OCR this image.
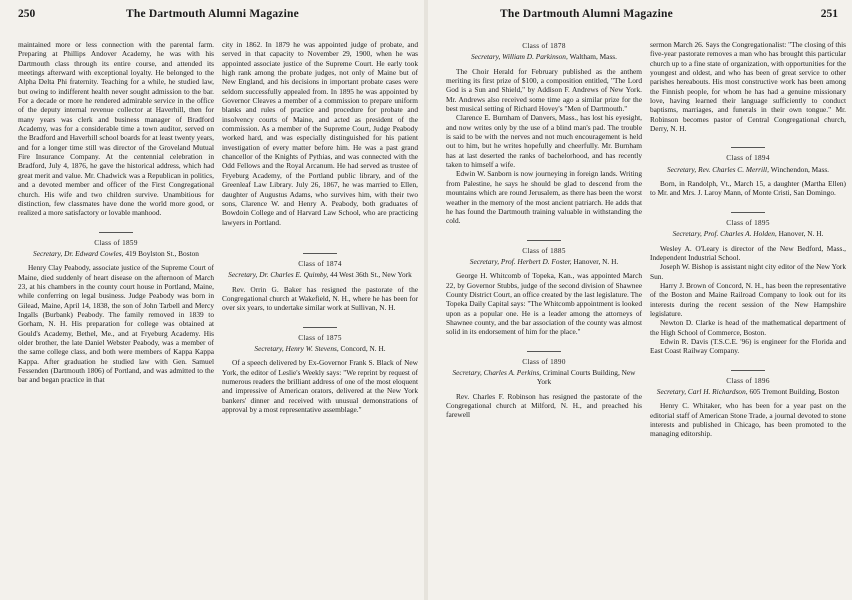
250	The Dartmouth Alumni Magazine

maintained more or less connection with the parental farm. Preparing at Phillips Andover Academy, he was with his Dartmouth class through its entire course, and attended its meetings afterward with exceptional loyalty. He belonged to the Alpha Delta Phi fraternity. Teaching for a while, he studied law, but owing to indifferent health never sought admission to the bar. For a decade or more he rendered admirable service in the office of the deputy internal revenue collector at Haverhill, then for many years was clerk and business manager of Bradford Academy, was for a considerable time a town auditor, served on the Bradford and Haverhill school boards for at least twenty years, and for a longer time still was director of the Groveland Mutual Fire Insurance Company. At the centennial celebration in Bradford, July 4, 1876, he gave the historical address, which had great merit and value. Mr. Chadwick was a Republican in politics, and a devoted member and officer of the First Congregational church. His wife and two children survive. Unambitious for distinction, few classmates have done the world more good, or realized a more satisfactory or lovable manhood.

Class of 1859
Secretary, Dr. Edward Cowles, 419 Boylston St., Boston

Henry Clay Peabody, associate justice of the Supreme Court of Maine, died suddenly of heart disease on the afternoon of March 23, at his chambers in the county court house in Portland, Maine, while conferring on legal business. Judge Peabody was born in Gilead, Maine, April 14, 1838, the son of John Tarbell and Mercy Ingalls (Burbank) Peabody. The family removed in 1839 to Gorham, N. H. His preparation for college was obtained at Gould's Academy, Bethel, Me., and at Fryeburg Academy. His older brother, the late Daniel Webster Peabody, was a member of the same college class, and both were members of Kappa Kappa Kappa. After graduation he studied law with Gen. Samuel Fessenden (Dartmouth 1806) of Portland, and was admitted to the bar and began practice in that

city in 1862. In 1879 he was appointed judge of probate, and served in that capacity to November 29, 1900, when he was appointed associate justice of the Supreme Court. He early took high rank among the probate judges, not only of Maine but of New England, and his decisions in important probate cases were seldom successfully appealed from. In 1895 he was appointed by Governor Cleaves a member of a commission to prepare uniform blanks and rules of practice and procedure for probate and insolvency courts of Maine, and acted as president of the commission. As a member of the Supreme Court, Judge Peabody worked hard, and was especially distinguished for his patient investigation of every matter before him. He was a past grand chancellor of the Knights of Pythias, and was connected with the Odd Fellows and the Royal Arcanum. He had served as trustee of Fryeburg Academy, of the Portland public library, and of the Greenleaf Law Library. July 26, 1867, he was married to Ellen, daughter of Augustus Adams, who survives him, with their two sons, Clarence W. and Henry A. Peabody, both graduates of Bowdoin College and of Harvard Law School, who are practicing lawyers in Portland.

Class of 1874
Secretary, Dr. Charles E. Quimby, 44 West 36th St., New York

Rev. Orrin G. Baker has resigned the pastorate of the Congregational church at Wakefield, N. H., where he has been for over six years, to undertake similar work at Sullivan, N. H.

Class of 1875
Secretary, Henry W. Stevens, Concord, N. H.

Of a speech delivered by Ex-Governor Frank S. Black of New York, the editor of Leslie's Weekly says: "We reprint by request of numerous readers the brilliant address of one of the most eloquent and impressive of American orators, delivered at the New York bankers' dinner and received with unusual demonstrations of approval by a most representative assemblage."

The Dartmouth Alumni Magazine	251
Class of 1878
Secretary, William D. Parkinson, Waltham, Mass.

The Choir Herald for February published as the anthem meriting its first prize of $100, a composition entitled, "The Lord God is a Sun and Shield," by Addison F. Andrews of New York. Mr. Andrews also received some time ago a similar prize for the best musical setting of Richard Hovey's "Men of Dartmouth."

Clarence E. Burnham of Danvers, Mass., has lost his eyesight, and now writes only by the use of a blind man's pad. The trouble is said to be with the nerves and not much encouragement is held out to him, but he writes hopefully and cheerfully. Mr. Burnham has at last deserted the ranks of bachelorhood, and has recently taken to himself a wife.

Edwin W. Sanborn is now journeying in foreign lands. Writing from Palestine, he says he should be glad to descend from the mountains which are round Jerusalem, as there has been the worst weather in the memory of the most ancient patriarch. He adds that he has found the Dartmouth training valuable in withstanding the cold.

Class of 1885
Secretary, Prof. Herbert D. Foster, Hanover, N. H.

George H. Whitcomb of Topeka, Kan., was appointed March 22, by Governor Stubbs, judge of the second division of Shawnee County District Court, an office created by the last legislature. The Topeka Daily Capital says: "The Whitcomb appointment is looked upon as a popular one. He is a leader among the attorneys of Shawnee county, and the bar association of the county was almost solid in its endorsement of him for the place."

Class of 1890
Secretary, Charles A. Perkins, Criminal Courts Building, New York

Rev. Charles F. Robinson has resigned the pastorate of the Congregational church at Milford, N. H., and preached his farewell

sermon March 26. Says the Congregationalist: "The closing of this five-year pastorate removes a man who has brought this particular church up to a fine state of organization, with opportunities for the youngest and oldest, and who has been of great service to other parishes hereabouts. His most constructive work has been among the Finnish people, for whom he has had a genuine missionary love, having learned their language sufficiently to conduct baptisms, marriages, and funerals in their own tongue." Mr. Robinson becomes pastor of Central Congregational church, Derry, N. H.

Class of 1894
Secretary, Rev. Charles C. Merrill, Winchendon, Mass.

Born, in Randolph, Vt., March 15, a daughter (Martha Ellen) to Mr. and Mrs. J. Laroy Mann, of Monte Cristi, San Domingo.

Class of 1895
Secretary, Prof. Charles A. Holden, Hanover, N. H.

Wesley A. O'Leary is director of the New Bedford, Mass., Independent Industrial School.

Joseph W. Bishop is assistant night city editor of the New York Sun.

Harry J. Brown of Concord, N. H., has been the representative of the Boston and Maine Railroad Company to look out for its interests during the recent session of the New Hampshire legislature.

Newton D. Clarke is head of the mathematical department of the High School of Commerce, Boston.

Edwin R. Davis (T.S.C.E. '96) is engineer for the Florida and East Coast Railway Company.

Class of 1896
Secretary, Carl H. Richardson, 605 Tremont Building, Boston

Henry C. Whitaker, who has been for a year past on the editorial staff of American Stone Trade, a journal devoted to stone interests and published in Chicago, has been promoted to the managing editorship.
